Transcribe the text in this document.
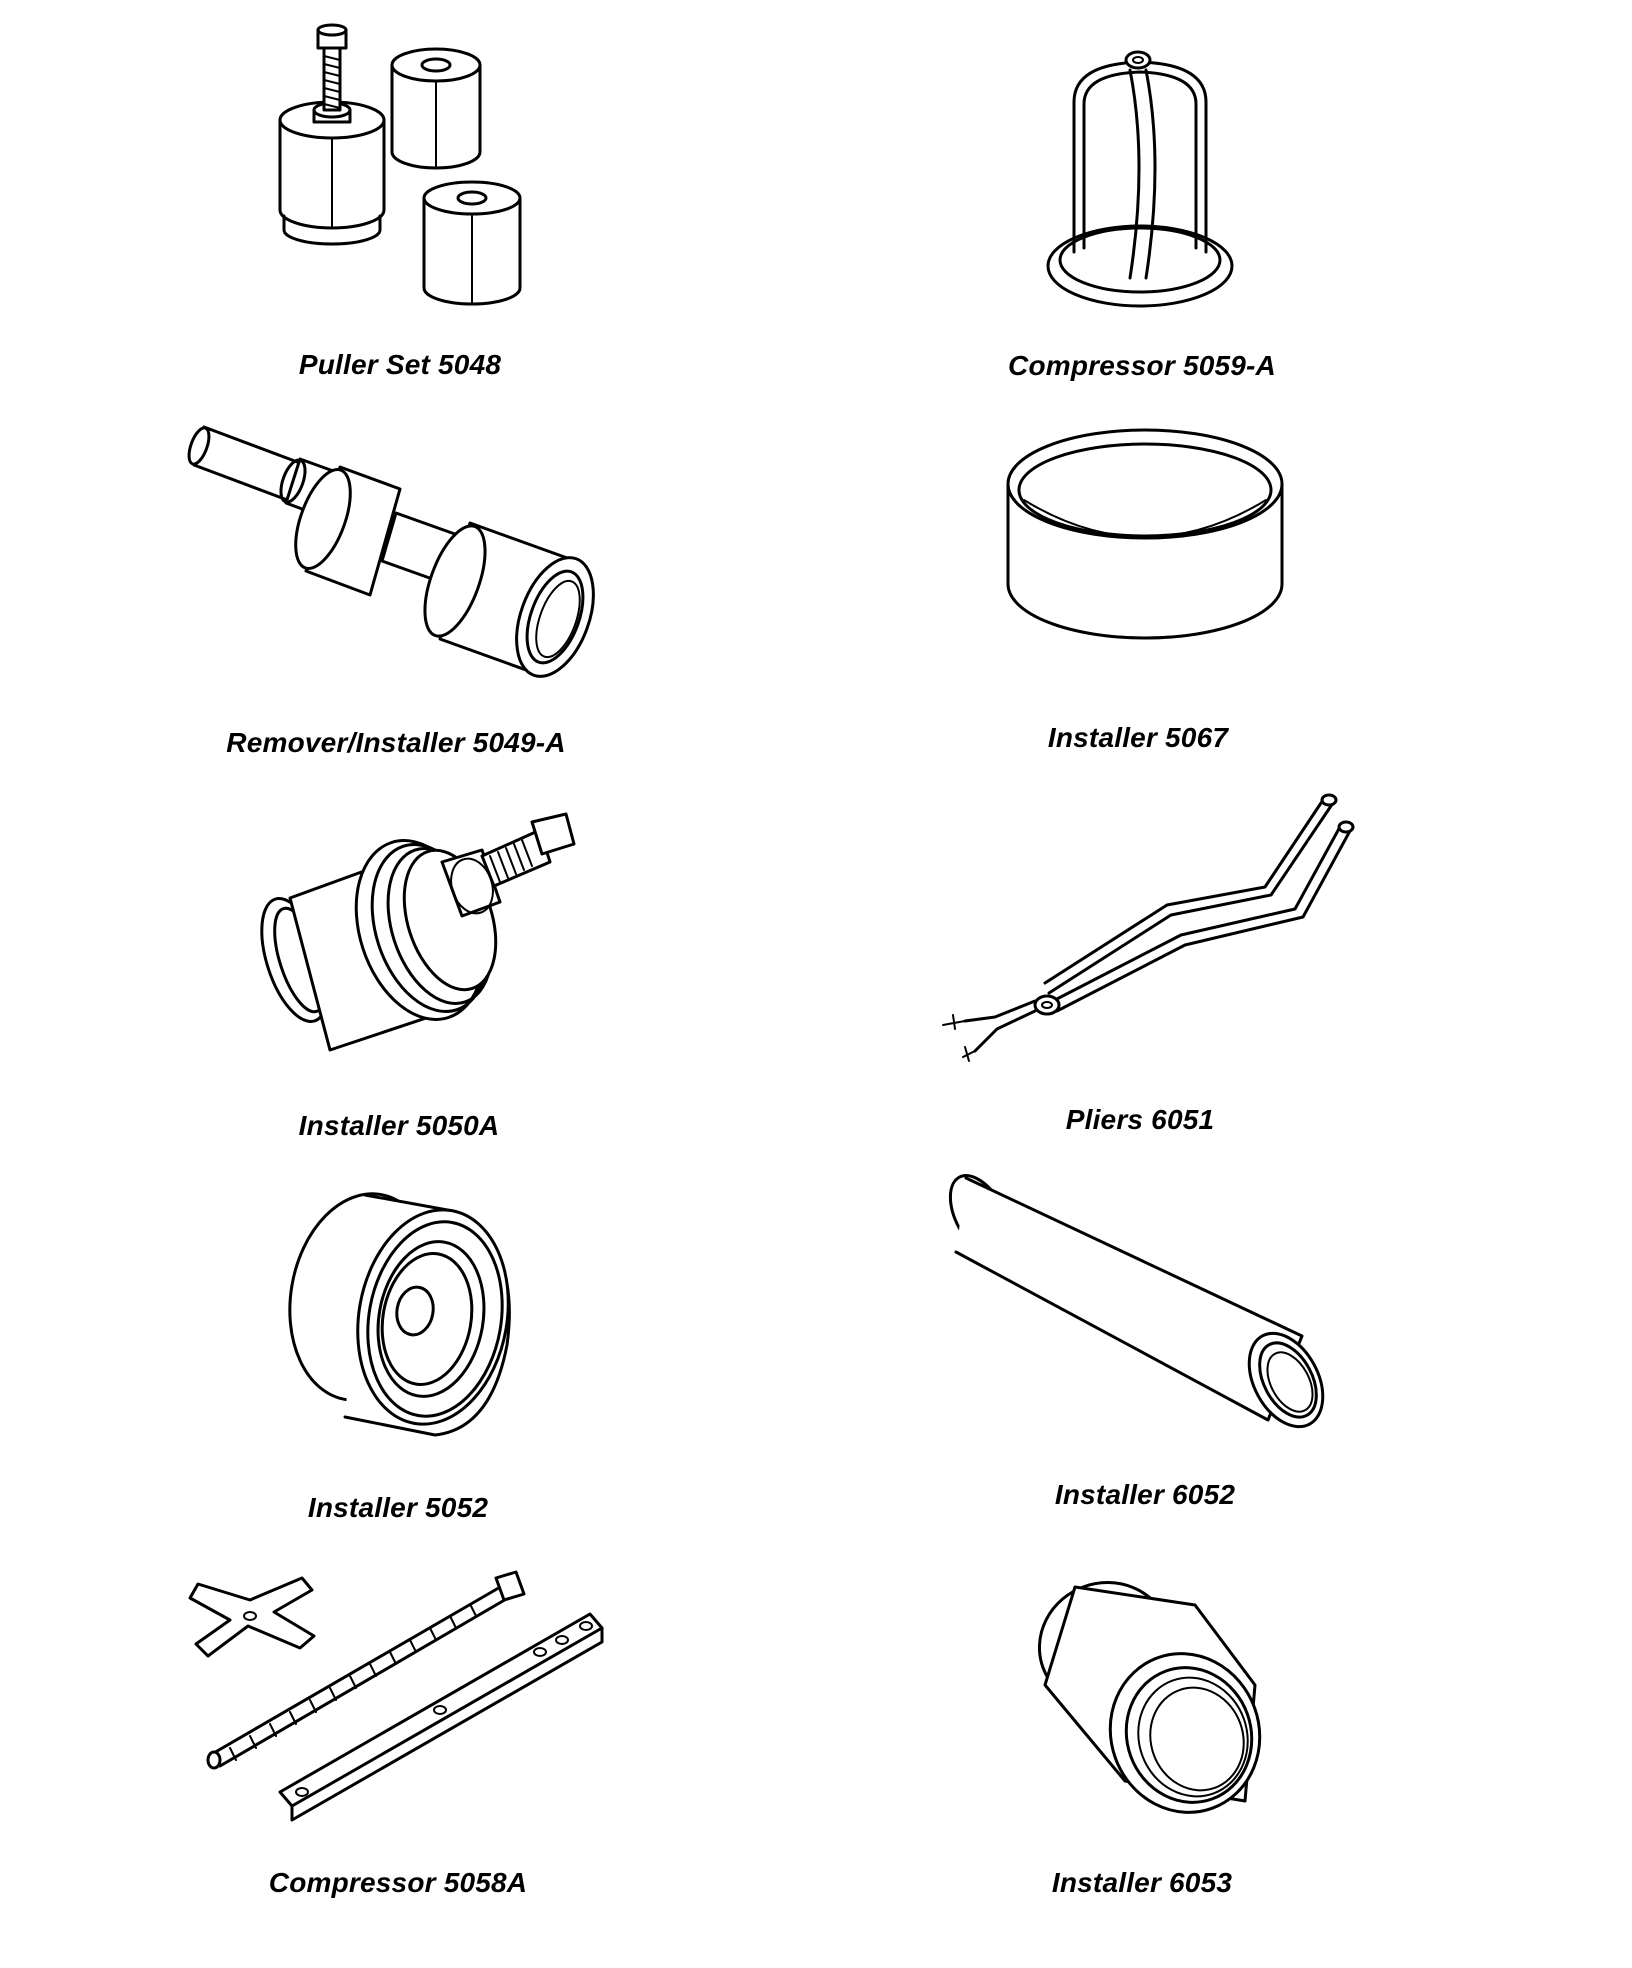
Puller Set 5048	Compressor 5059-A
Remover/Installer 5049-A	Installer 5067
Installer 5050A	Pliers 6051
Installer 5052	Installer 6052
Compressor 5058A	Installer 6053
